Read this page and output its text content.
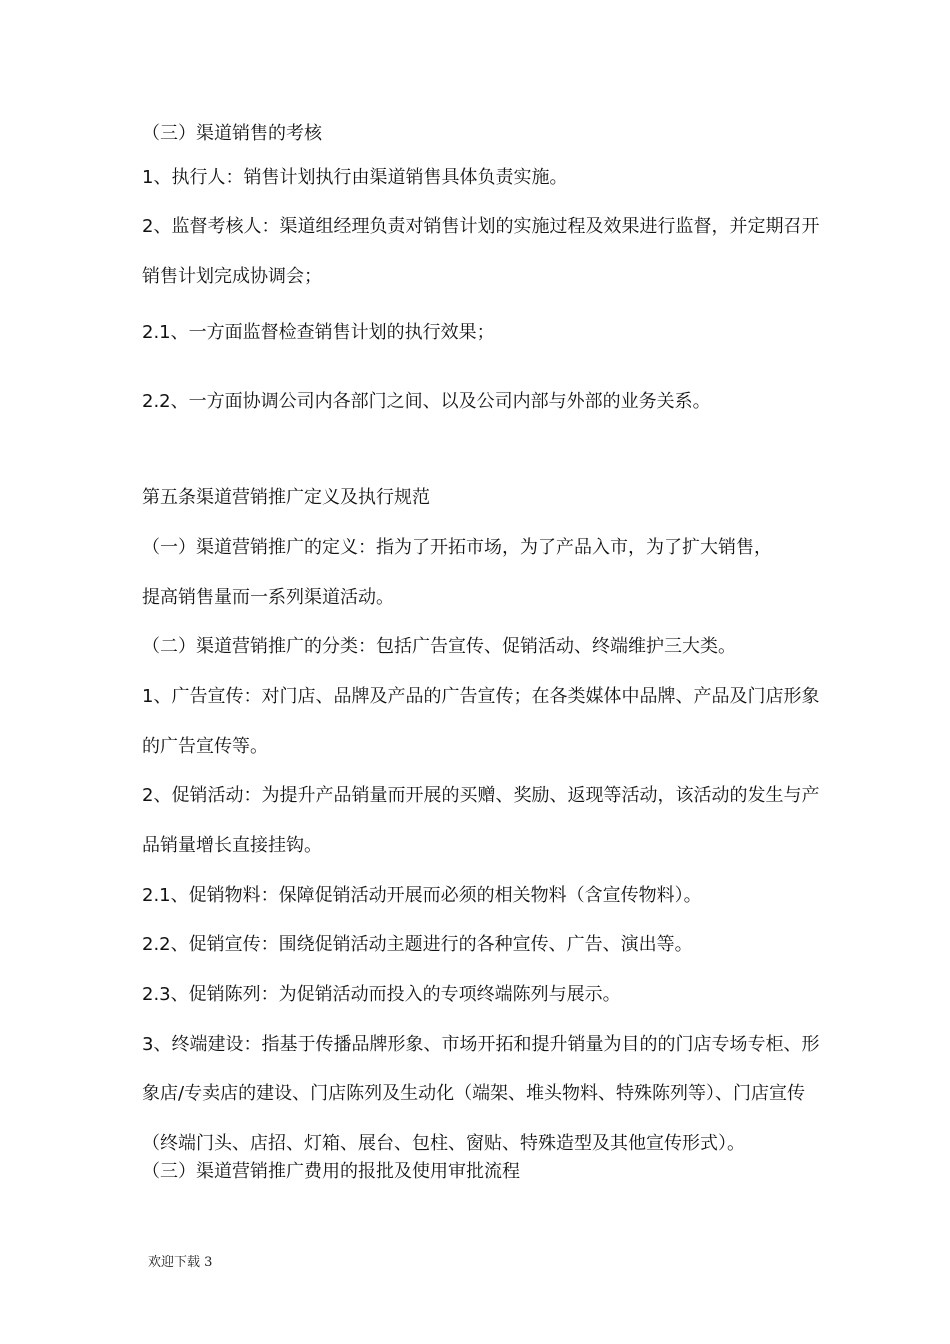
（三）渠道销售的考核
1、执行人：销售计划执行由渠道销售具体负责实施。
2、监督考核人：渠道组经理负责对销售计划的实施过程及效果进行监督，并定期召开
销售计划完成协调会；
2.1、一方面监督检查销售计划的执行效果；
2.2、一方面协调公司内各部门之间、以及公司内部与外部的业务关系。
第五条渠道营销推广定义及执行规范
（一）渠道营销推广的定义：指为了开拓市场，为了产品入市，为了扩大销售，
提高销售量而一系列渠道活动。
（二）渠道营销推广的分类：包括广告宣传、促销活动、终端维护三大类。
1、广告宣传：对门店、品牌及产品的广告宣传；在各类媒体中品牌、产品及门店形象
的广告宣传等。
2、促销活动：为提升产品销量而开展的买赠、奖励、返现等活动，该活动的发生与产
品销量增长直接挂钩。
2.1、促销物料：保障促销活动开展而必须的相关物料（含宣传物料）。
2.2、促销宣传：围绕促销活动主题进行的各种宣传、广告、演出等。
2.3、促销陈列：为促销活动而投入的专项终端陈列与展示。
3、终端建设：指基于传播品牌形象、市场开拓和提升销量为目的的门店专场专柜、形
象店/专卖店的建设、门店陈列及生动化（端架、堆头物料、特殊陈列等）、门店宣传
（终端门头、店招、灯箱、展台、包柱、窗贴、特殊造型及其他宣传形式）。
（三）渠道营销推广费用的报批及使用审批流程
欢迎下载 3
